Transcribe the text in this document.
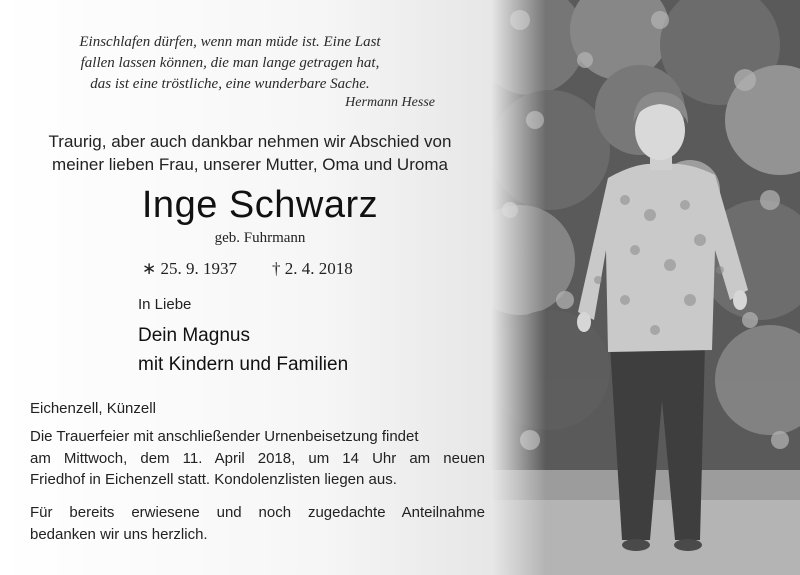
Einschlafen dürfen, wenn man müde ist. Eine Last
fallen lassen können, die man lange getragen hat,
das ist eine tröstliche, eine wunderbare Sache.
Hermann Hesse
Traurig, aber auch dankbar nehmen wir Abschied von
meiner lieben Frau, unserer Mutter, Oma und Uroma
Inge Schwarz
geb. Fuhrmann
∗ 25. 9. 1937 † 2. 4. 2018
In Liebe
Dein Magnus
mit Kindern und Familien
Eichenzell, Künzell
Die Trauerfeier mit anschließender Urnenbeisetzung findet
am Mittwoch, dem 11. April 2018, um 14 Uhr am neuen
Friedhof in Eichenzell statt. Kondolenzlisten liegen aus.
Für bereits erwiesene und noch zugedachte Anteilnahme
bedanken wir uns herzlich.
